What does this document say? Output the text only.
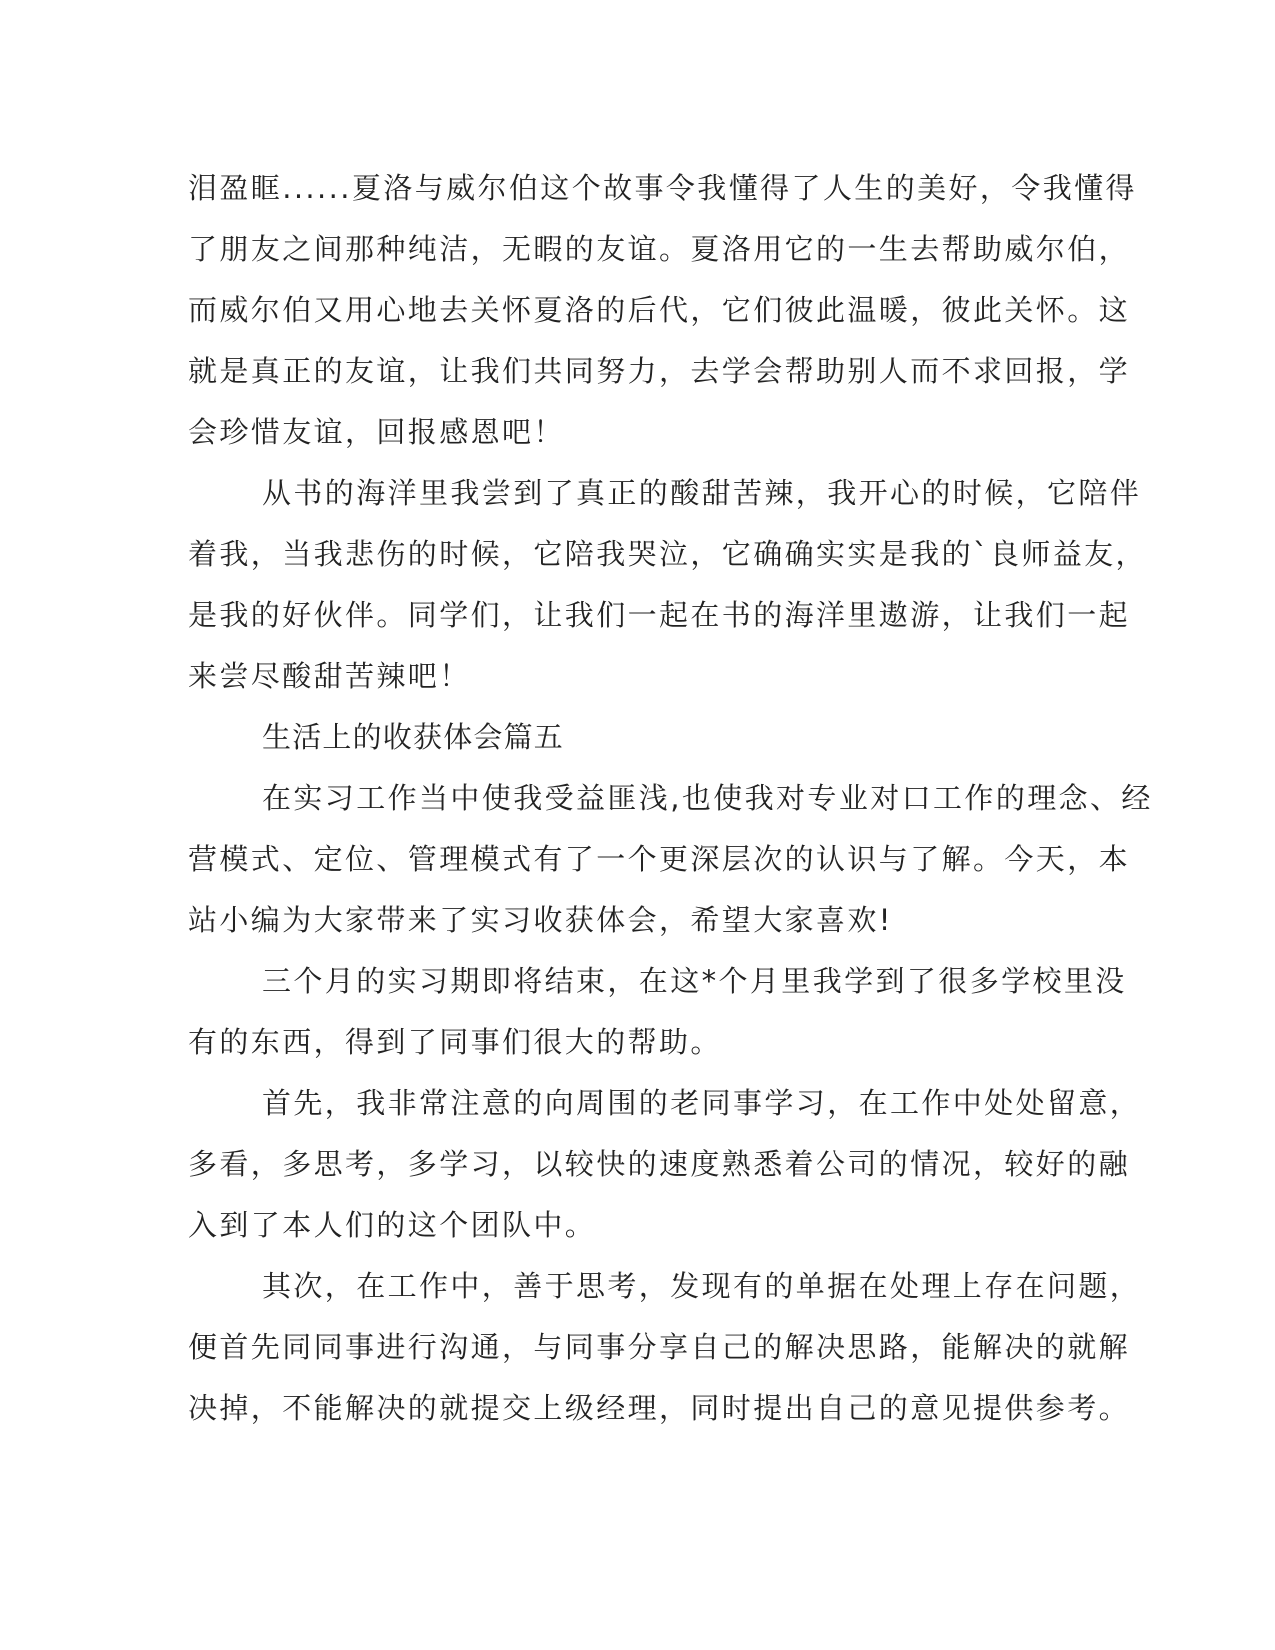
泪盈眶......夏洛与威尔伯这个故事令我懂得了人生的美好，令我懂得
了朋友之间那种纯洁，无暇的友谊。夏洛用它的一生去帮助威尔伯，
而威尔伯又用心地去关怀夏洛的后代，它们彼此温暖，彼此关怀。这
就是真正的友谊，让我们共同努力，去学会帮助别人而不求回报，学
会珍惜友谊，回报感恩吧！

从书的海洋里我尝到了真正的酸甜苦辣，我开心的时候，它陪伴
着我，当我悲伤的时候，它陪我哭泣，它确确实实是我的`良师益友，
是我的好伙伴。同学们，让我们一起在书的海洋里遨游，让我们一起
来尝尽酸甜苦辣吧！

生活上的收获体会篇五

在实习工作当中使我受益匪浅,也使我对专业对口工作的理念、经
营模式、定位、管理模式有了一个更深层次的认识与了解。今天，本
站小编为大家带来了实习收获体会，希望大家喜欢!

三个月的实习期即将结束，在这*个月里我学到了很多学校里没
有的东西，得到了同事们很大的帮助。

首先，我非常注意的向周围的老同事学习，在工作中处处留意，
多看，多思考，多学习，以较快的速度熟悉着公司的情况，较好的融
入到了本人们的这个团队中。

其次，在工作中，善于思考，发现有的单据在处理上存在问题，
便首先同同事进行沟通，与同事分享自己的解决思路，能解决的就解
决掉，不能解决的就提交上级经理，同时提出自己的意见提供参考。
